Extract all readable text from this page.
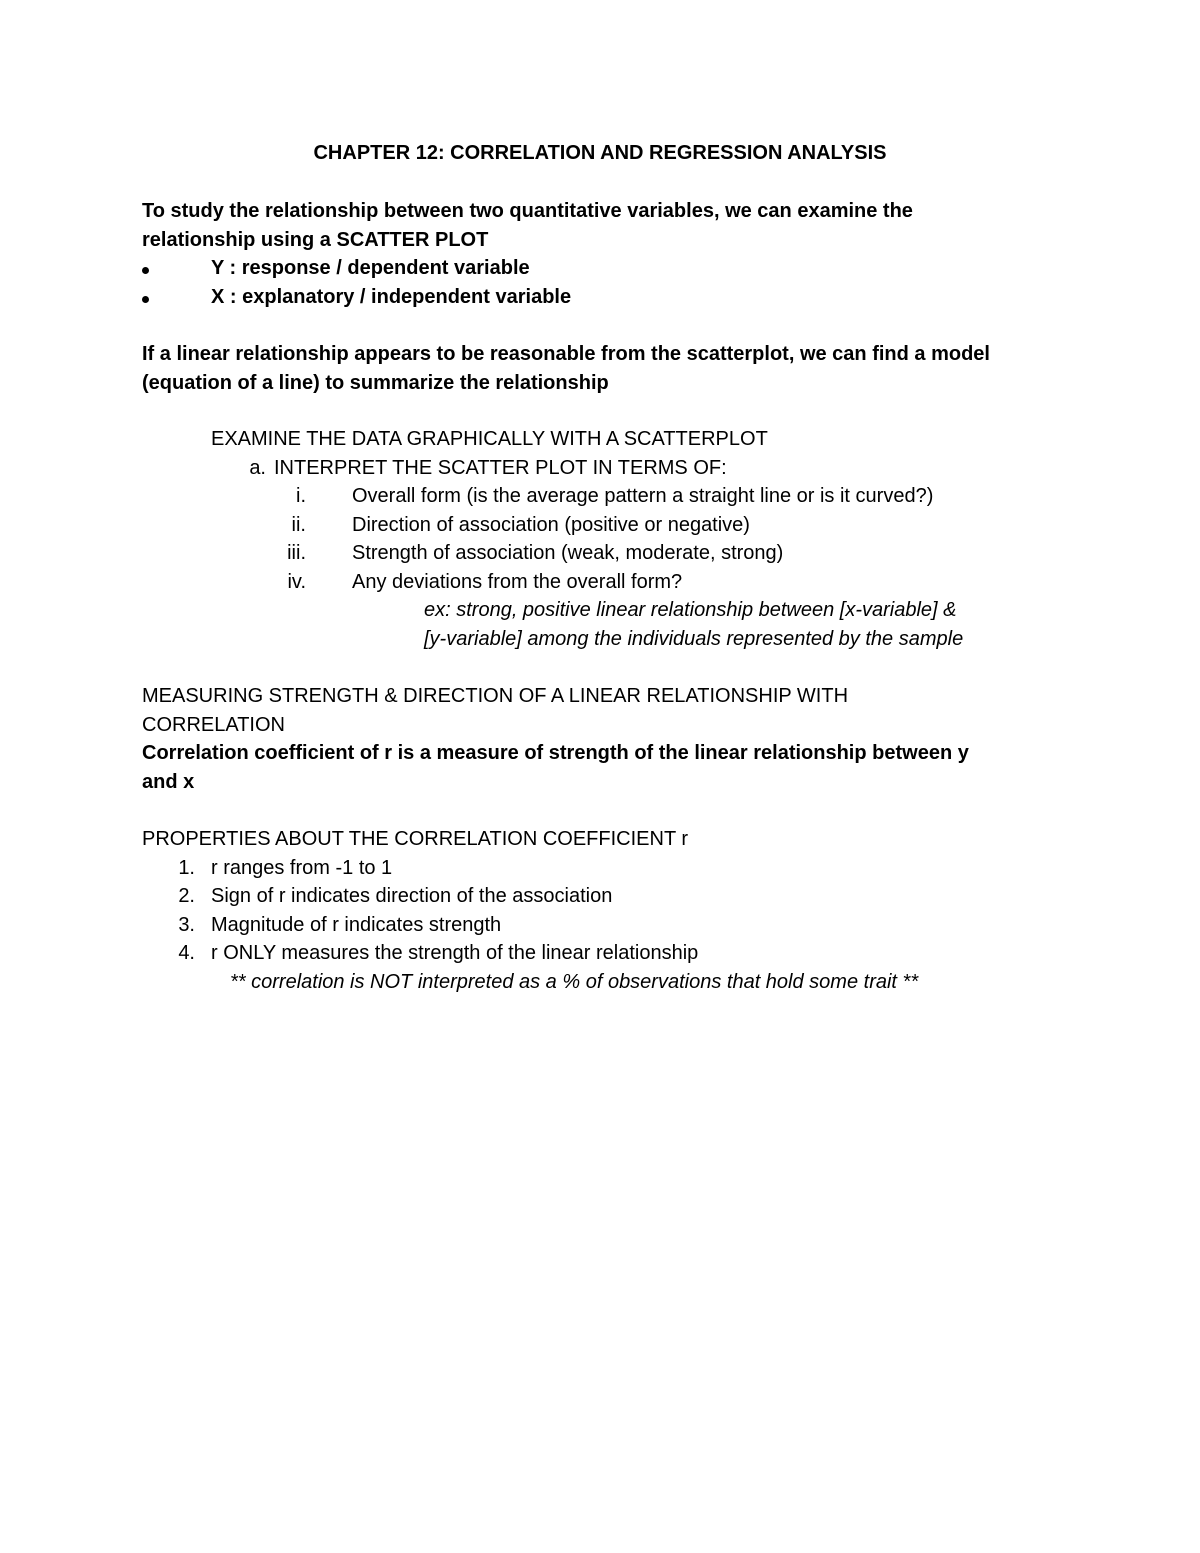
CHAPTER 12: CORRELATION AND REGRESSION ANALYSIS
To study the relationship between two quantitative variables, we can examine the
relationship using a SCATTER PLOT
Y : response / dependent variable
X : explanatory / independent variable
If a linear relationship appears to be reasonable from the scatterplot, we can find a model
(equation of a line) to summarize the relationship
EXAMINE THE DATA GRAPHICALLY WITH A SCATTERPLOT
a. INTERPRET THE SCATTER PLOT IN TERMS OF:
i.	Overall form (is the average pattern a straight line or is it curved?)
ii.	Direction of association (positive or negative)
iii.	Strength of association (weak, moderate, strong)
iv.	Any deviations from the overall form?
ex: strong, positive linear relationship between [x-variable] &
[y-variable] among the individuals represented by the sample
MEASURING STRENGTH & DIRECTION OF A LINEAR RELATIONSHIP WITH
CORRELATION
Correlation coefficient of r is a measure of strength of the linear relationship between y
and x
PROPERTIES ABOUT THE CORRELATION COEFFICIENT r
1. r ranges from -1 to 1
2. Sign of r indicates direction of the association
3. Magnitude of r indicates strength
4. r ONLY measures the strength of the linear relationship
** correlation is NOT interpreted as a % of observations that hold some trait **
